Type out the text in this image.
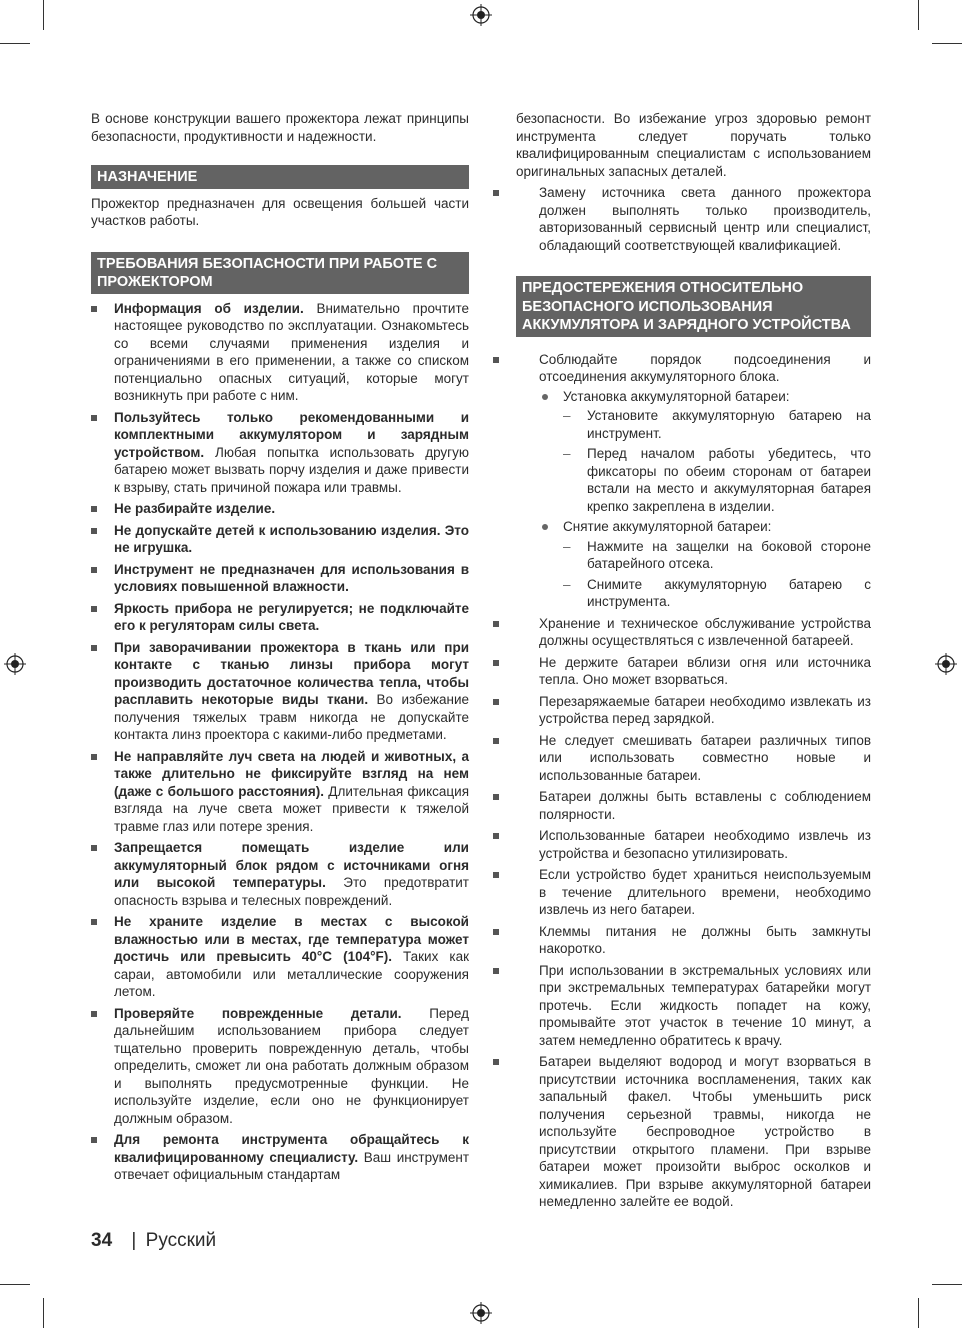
В основе конструкции вашего прожектора лежат принципы безопасности, продуктивности и надежности.

НАЗНАЧЕНИЕ

Прожектор предназначен для освещения большей части участков работы.

ТРЕБОВАНИЯ БЕЗОПАСНОСТИ ПРИ РАБОТЕ С ПРОЖЕКТОРОМ
Информация об изделии. Внимательно прочтите настоящее руководство по эксплуатации. Ознакомьтесь со всеми случаями применения изделия и ограничениями в его применении, а также со списком потенциально опасных ситуаций, которые могут возникнуть при работе с ним.
Пользуйтесь только рекомендованными и комплектными аккумулятором и зарядным устройством. Любая попытка использовать другую батарею может вызвать порчу изделия и даже привести к взрыву, стать причиной пожара или травмы.
Не разбирайте изделие.
Не допускайте детей к использованию изделия. Это не игрушка.
Инструмент не предназначен для использования в условиях повышенной влажности.
Яркость прибора не регулируется; не подключайте его к регуляторам силы света.
При заворачивании прожектора в ткань или при контакте с тканью линзы прибора могут производить достаточное количества тепла, чтобы расплавить некоторые виды ткани. Во избежание получения тяжелых травм никогда не допускайте контакта линз проектора с какими-либо предметами.
Не направляйте луч света на людей и животных, а также длительно не фиксируйте взгляд на нем (даже с большого расстояния). Длительная фиксация взгляда на луче света может привести к тяжелой травме глаз или потере зрения.
Запрещается помещать изделие или аккумуляторный блок рядом с источниками огня или высокой температуры. Это предотвратит опасность взрыва и телесных повреждений.
Не храните изделие в местах с высокой влажностью или в местах, где температура может достичь или превысить 40°C (104°F). Таких как сараи, автомобили или металлические сооружения летом.
Проверяйте поврежденные детали. Перед дальнейшим использованием прибора следует тщательно проверить поврежденную деталь, чтобы определить, сможет ли она работать должным образом и выполнять предусмотренные функции. Не используйте изделие, если оно не функционирует должным образом.
Для ремонта инструмента обращайтесь к квалифицированному специалисту. Ваш инструмент отвечает официальным стандартам

безопасности. Во избежание угроз здоровью ремонт инструмента следует поручать только квалифицированным специалистам с использованием оригинальных запасных деталей.

Замену источника света данного прожектора должен выполнять только производитель, авторизованный сервисный центр или специалист, обладающий соответствующей квалификацией.
ПРЕДОСТЕРЕЖЕНИЯ ОТНОСИТЕЛЬНО БЕЗОПАСНОГО ИСПОЛЬЗОВАНИЯ АККУМУЛЯТОРА И ЗАРЯДНОГО УСТРОЙСТВА
Соблюдайте порядок подсоединения и отсоединения аккумуляторного блока.
Установка аккумуляторной батареи:
– Установите аккумуляторную батарею на инструмент.
– Перед началом работы убедитесь, что фиксаторы по обеим сторонам от батареи встали на место и аккумуляторная батарея крепко закреплена в изделии.
Снятие аккумуляторной батареи:
– Нажмите на защелки на боковой стороне батарейного отсека.
– Снимите аккумуляторную батарею с инструмента.
Хранение и техническое обслуживание устройства должны осуществляться с извлеченной батареей.
Не держите батареи вблизи огня или источника тепла. Оно может взорваться.
Перезаряжаемые батареи необходимо извлекать из устройства перед зарядкой.
Не следует смешивать батареи различных типов или использовать совместно новые и использованные батареи.
Батареи должны быть вставлены с соблюдением полярности.
Использованные батареи необходимо извлечь из устройства и безопасно утилизировать.
Если устройство будет храниться неиспользуемым в течение длительного времени, необходимо извлечь из него батареи.
Клеммы питания не должны быть замкнуты накоротко.
При использовании в экстремальных условиях или при экстремальных температурах батарейки могут протечь. Если жидкость попадет на кожу, промывайте этот участок в течение 10 минут, а затем немедленно обратитесь к врачу.
Батареи выделяют водород и могут взорваться в присутствии источника воспламенения, таких как запальный факел. Чтобы уменьшить риск получения серьезной травмы, никогда не используйте беспроводное устройство в присутствии открытого пламени. При взрыве батареи может произойти выброс осколков и химикалиев. При взрыве аккумуляторной батареи немедленно залейте ее водой.
34 | Русский
